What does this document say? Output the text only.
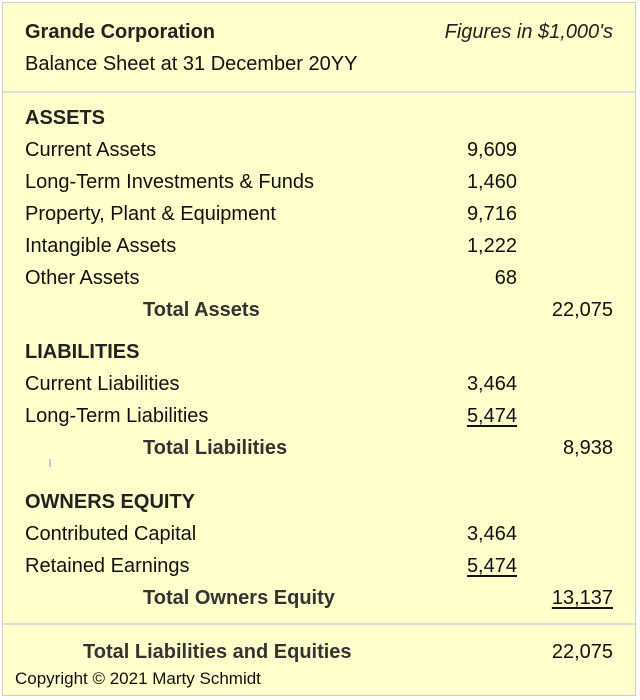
Grande Corporation
Balance Sheet at 31 December 20YY
Figures in $1,000's
ASSETS
Current Assets	9,609
Long-Term Investments & Funds	1,460
Property, Plant & Equipment	9,716
Intangible Assets	1,222
Other Assets	68
Total Assets	22,075
LIABILITIES
Current Liabilities	3,464
Long-Term Liabilities	5,474
Total Liabilities	8,938
OWNERS EQUITY
Contributed Capital	3,464
Retained Earnings	5,474
Total Owners Equity	13,137
Total Liabilities and Equities	22,075
Copyright © 2021 Marty Schmidt
